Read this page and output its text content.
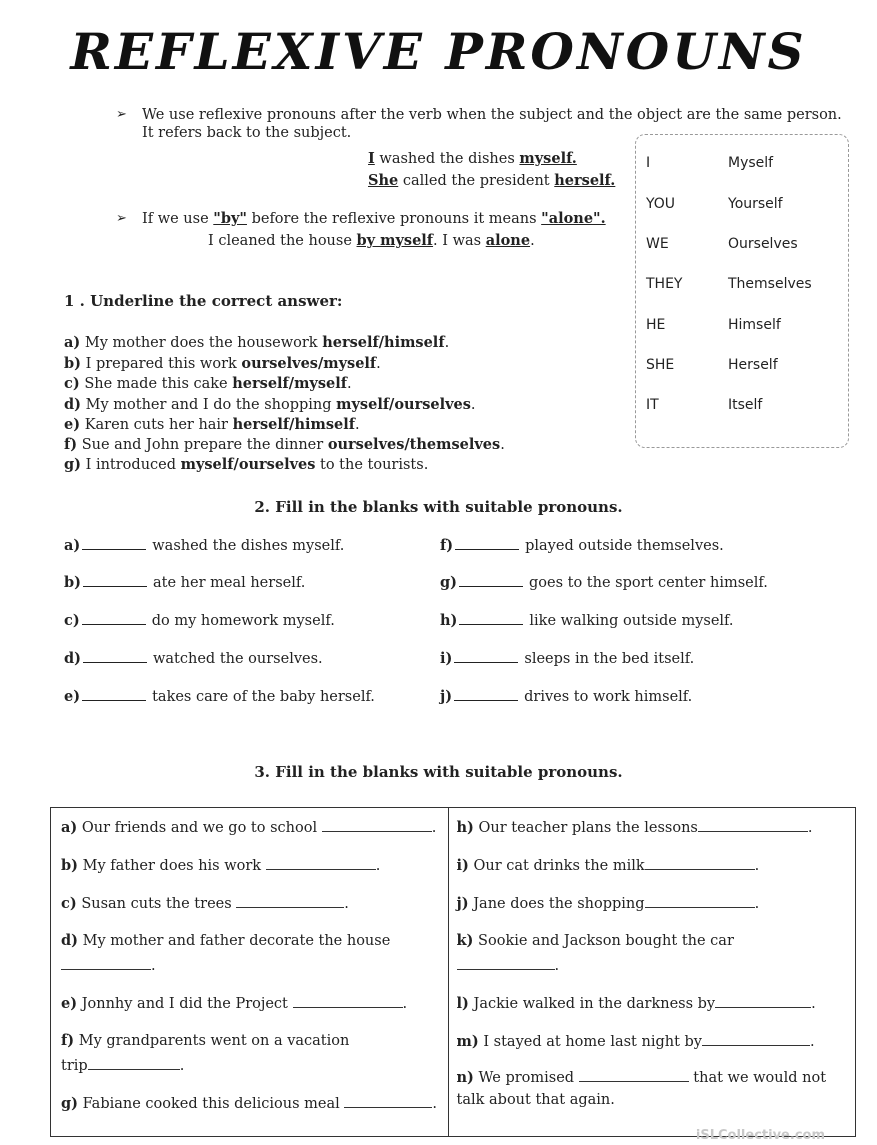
REFLEXIVE PRONOUNS
➢ We use reflexive pronouns after the verb when the subject and the object are the same person.
It refers back to the subject.
I washed the dishes myself.
She called the president herself.
➢ If we use "by" before the reflexive pronouns it means "alone".
I cleaned the house by myself. I was alone.
I	Myself
YOU	Yourself
WE	Ourselves
THEY	Themselves
HE	Himself
SHE	Herself
IT	Itself
1 . Underline the correct answer:
a) My mother does the housework herself/himself.
b) I prepared this work ourselves/myself.
c) She made this cake herself/myself.
d) My mother and I do the shopping myself/ourselves.
e) Karen cuts her hair herself/himself.
f) Sue and John prepare the dinner ourselves/themselves.
g) I introduced myself/ourselves to the tourists.
2. Fill in the blanks with suitable pronouns.
a)	washed the dishes myself.
b)	ate her meal herself.
c)	do my homework myself.
d)	watched the ourselves.
e)	takes care of the baby herself.
f)	played outside themselves.
g)	goes to the sport center himself.
h)	like walking outside myself.
i)	sleeps in the bed itself.
j)	drives to work himself.
3. Fill in the blanks with suitable pronouns.
a) Our friends and we go to school	.
b) My father does his work	.
c) Susan cuts the trees	.
d) My mother and father decorate the house
.
e) Jonnhy and I did the Project	.
f) My grandparents went on a vacation
trip	.
g) Fabiane cooked this delicious meal	.

h) Our teacher plans the lessons	.
i) Our cat drinks the milk	.
j) Jane does the shopping	.
k) Sookie and Jackson bought the car
.
l) Jackie walked in the darkness by	.
m) I stayed at home last night by	.
n) We promised	that we would not
talk about that again.
iSLCollective.com
